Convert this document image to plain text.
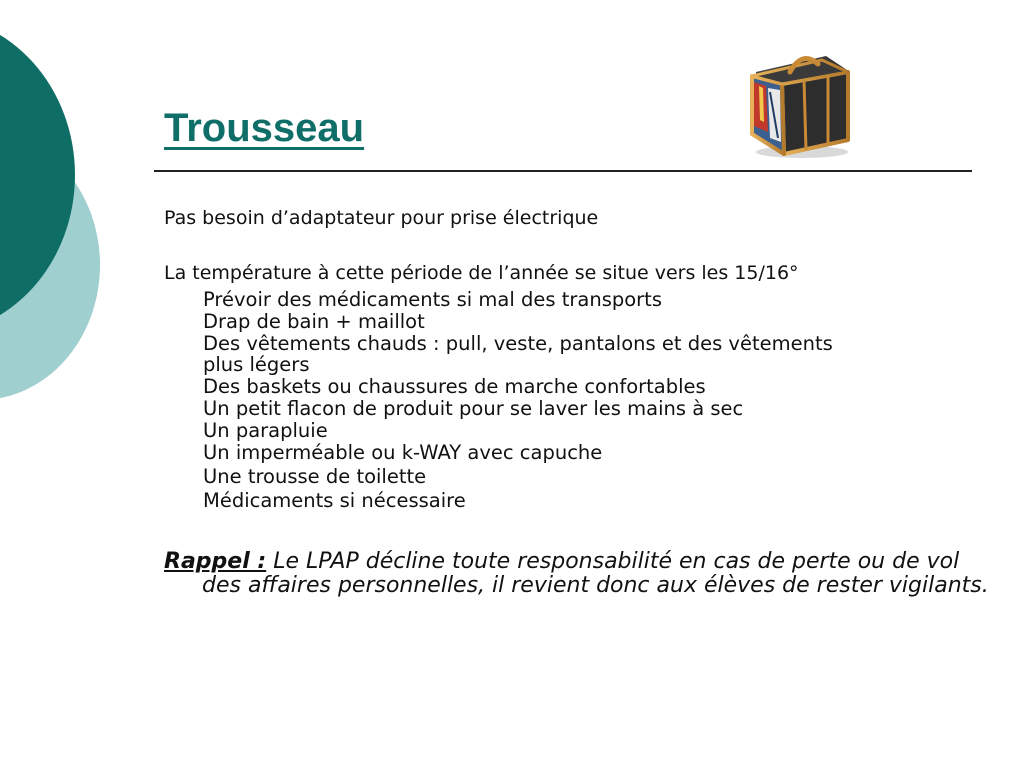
Trousseau
Pas besoin d’adaptateur pour prise électrique
La température à cette période de l’année se situe vers les 15/16°
Prévoir des médicaments si mal des transports
Drap de bain + maillot
Des vêtements chauds : pull, veste, pantalons et des vêtements
plus légers
Des baskets ou chaussures de marche confortables
Un petit flacon de produit pour se laver les mains à sec
Un parapluie
Un imperméable ou k-WAY avec capuche
Une trousse de toilette
Médicaments si nécessaire

Rappel : Le LPAP décline toute responsabilité en cas de perte ou de vol des affaires personnelles, il revient donc aux élèves de rester vigilants.
